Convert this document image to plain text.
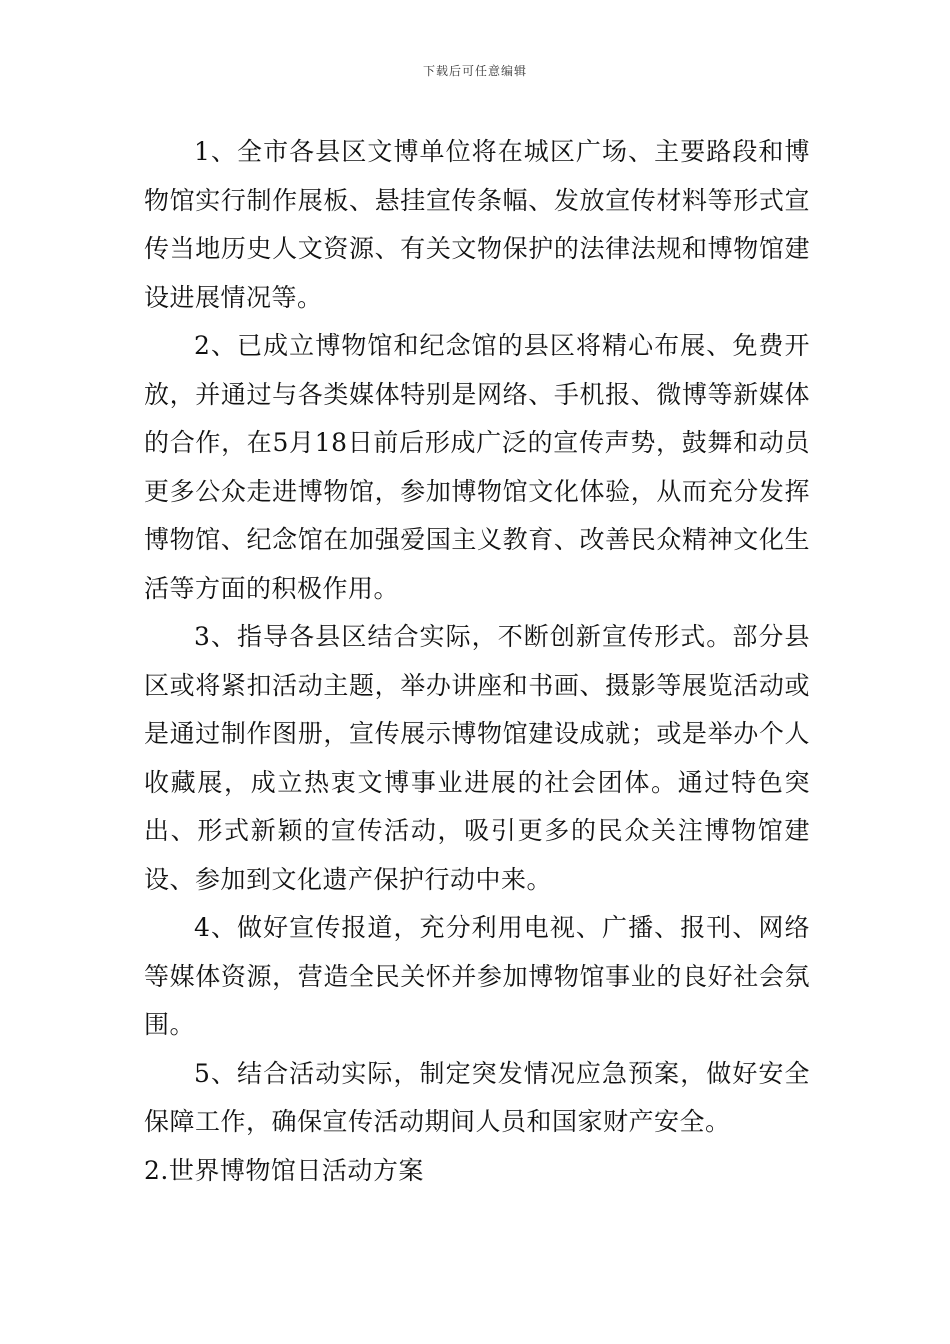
下载后可任意编辑

1、全市各县区文博单位将在城区广场、主要路段和博物馆实行制作展板、悬挂宣传条幅、发放宣传材料等形式宣传当地历史人文资源、有关文物保护的法律法规和博物馆建设进展情况等。

2、已成立博物馆和纪念馆的县区将精心布展、免费开放，并通过与各类媒体特别是网络、手机报、微博等新媒体的合作，在5月18日前后形成广泛的宣传声势，鼓舞和动员更多公众走进博物馆，参加博物馆文化体验，从而充分发挥博物馆、纪念馆在加强爱国主义教育、改善民众精神文化生活等方面的积极作用。

3、指导各县区结合实际，不断创新宣传形式。部分县区或将紧扣活动主题，举办讲座和书画、摄影等展览活动或是通过制作图册，宣传展示博物馆建设成就；或是举办个人收藏展，成立热衷文博事业进展的社会团体。通过特色突出、形式新颖的宣传活动，吸引更多的民众关注博物馆建设、参加到文化遗产保护行动中来。

4、做好宣传报道，充分利用电视、广播、报刊、网络等媒体资源，营造全民关怀并参加博物馆事业的良好社会氛围。

5、结合活动实际，制定突发情况应急预案，做好安全保障工作，确保宣传活动期间人员和国家财产安全。

2.世界博物馆日活动方案
